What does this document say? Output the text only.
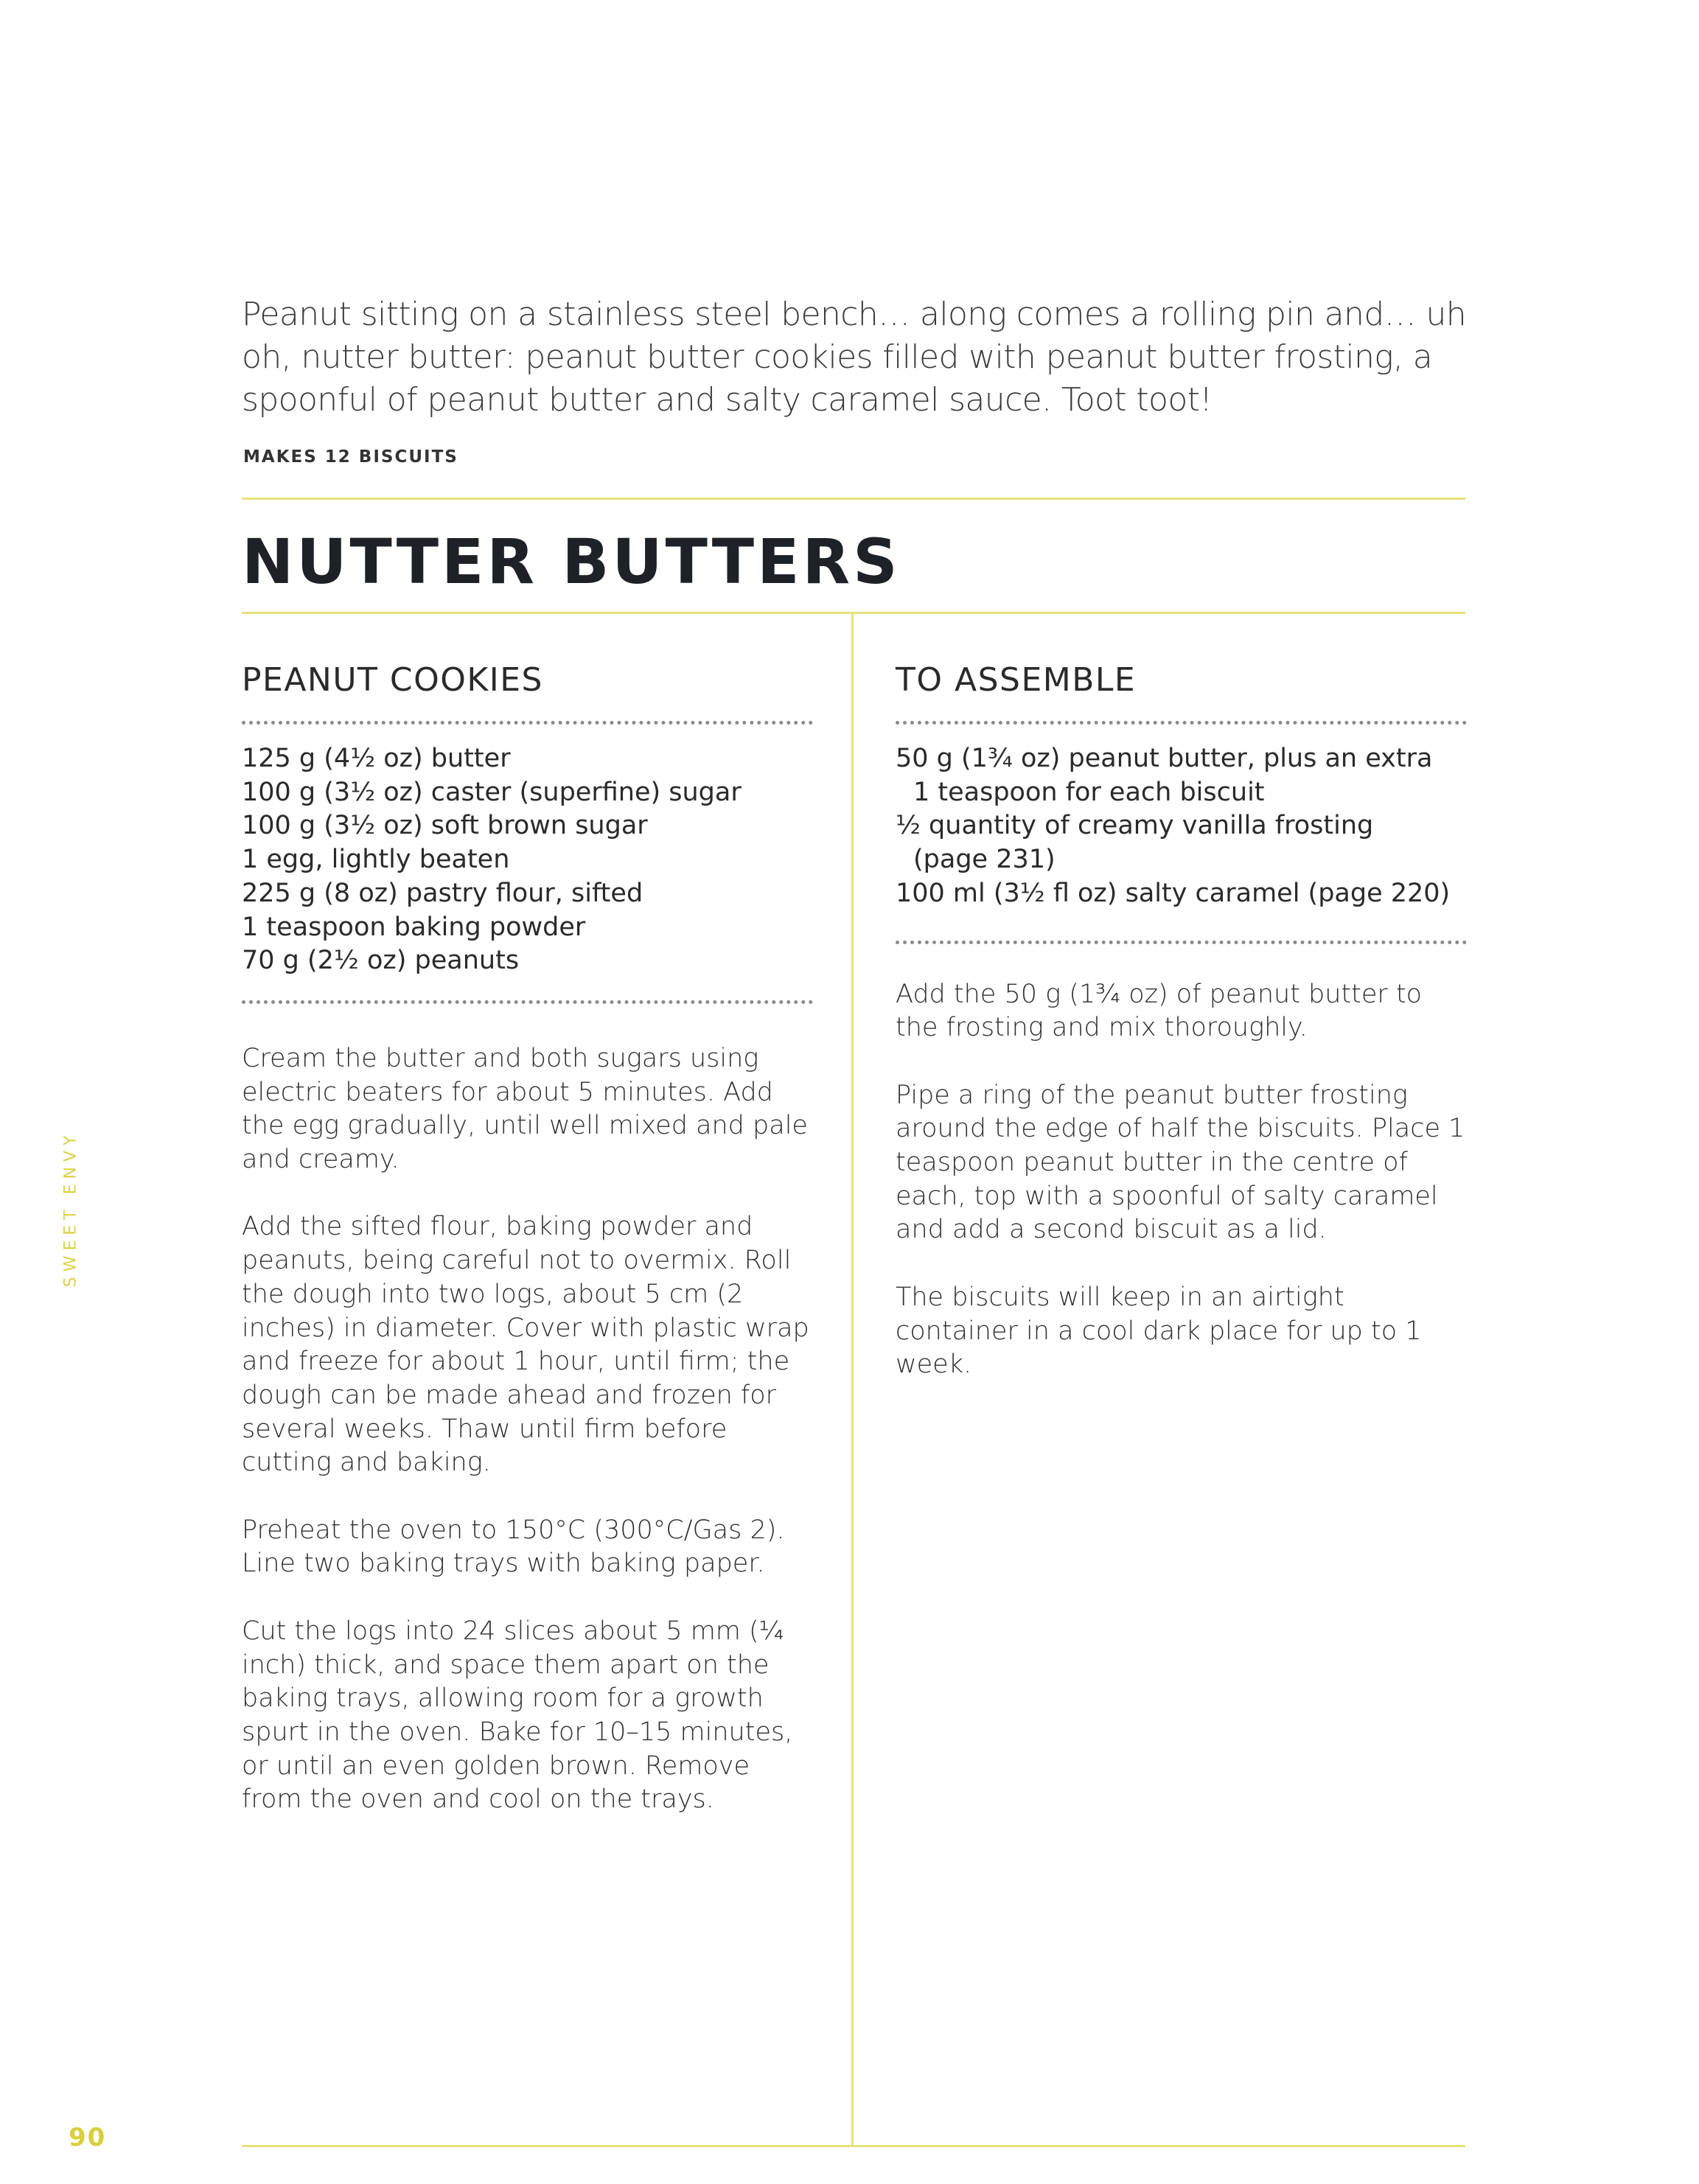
Peanut sitting on a stainless steel bench… along comes a rolling pin and… uh oh, nutter butter: peanut butter cookies filled with peanut butter frosting, a spoonful of peanut butter and salty caramel sauce. Toot toot!

MAKES 12 BISCUITS

NUTTER BUTTERS
PEANUT COOKIES
125 g (4½ oz) butter
100 g (3½ oz) caster (superfine) sugar
100 g (3½ oz) soft brown sugar
1 egg, lightly beaten
225 g (8 oz) pastry flour, sifted
1 teaspoon baking powder
70 g (2½ oz) peanuts

Cream the butter and both sugars using electric beaters for about 5 minutes. Add the egg gradually, until well mixed and pale and creamy.

Add the sifted flour, baking powder and peanuts, being careful not to overmix. Roll the dough into two logs, about 5 cm (2 inches) in diameter. Cover with plastic wrap and freeze for about 1 hour, until firm; the dough can be made ahead and frozen for several weeks. Thaw until firm before cutting and baking.

Preheat the oven to 150°C (300°C/Gas 2). Line two baking trays with baking paper.

Cut the logs into 24 slices about 5 mm (¼ inch) thick, and space them apart on the baking trays, allowing room for a growth spurt in the oven. Bake for 10–15 minutes, or until an even golden brown. Remove from the oven and cool on the trays.

TO ASSEMBLE
50 g (1¾ oz) peanut butter, plus an extra
1 teaspoon for each biscuit
½ quantity of creamy vanilla frosting
(page 231)
100 ml (3½ fl oz) salty caramel (page 220)

Add the 50 g (1¾ oz) of peanut butter to the frosting and mix thoroughly.

Pipe a ring of the peanut butter frosting around the edge of half the biscuits. Place 1 teaspoon peanut butter in the centre of each, top with a spoonful of salty caramel and add a second biscuit as a lid.

The biscuits will keep in an airtight container in a cool dark place for up to 1 week.

SWEET ENVY

90
